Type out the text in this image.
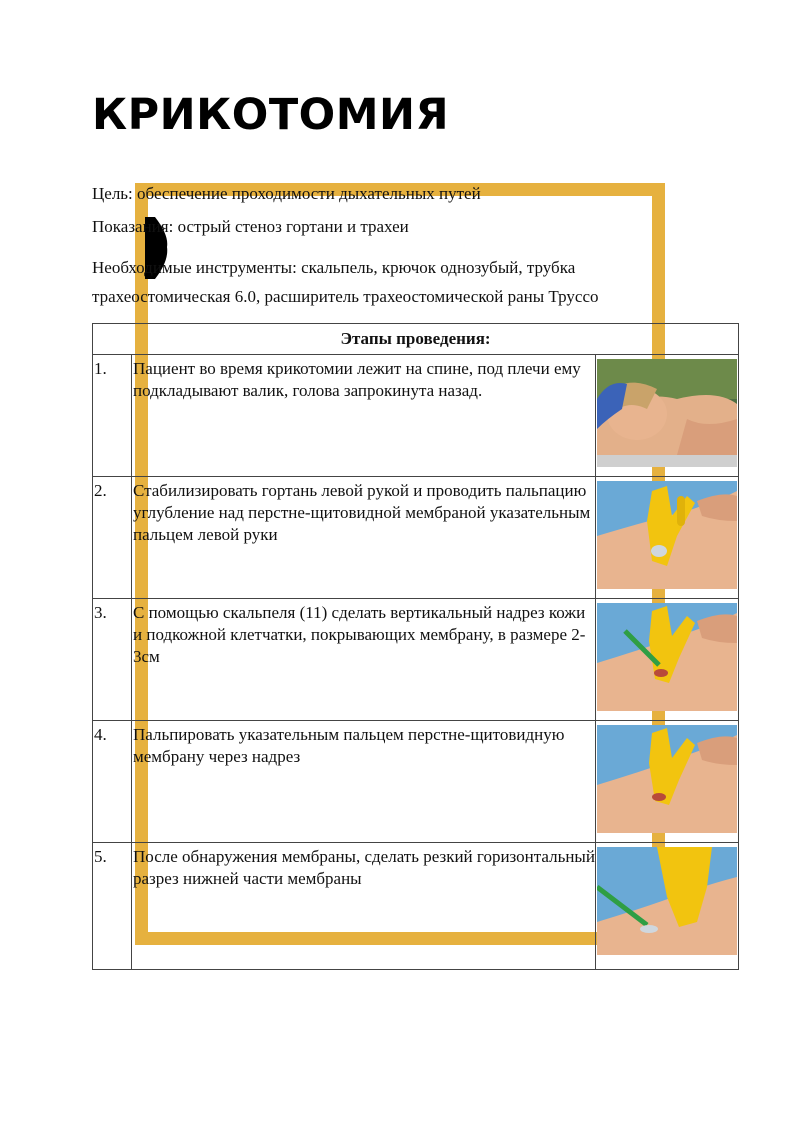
КРИКОТОМИЯ
Цель: обеспечение проходимости дыхательных путей
Показания: острый стеноз гортани и трахеи
Необходимые инструменты: скальпель, крючок однозубый, трубка трахеостомическая 6.0, расширитель трахеостомической раны Труссо
Этапы проведения:		

1.	Пациент во время крикотомии лежит на спине, под плечи ему подкладывают валик, голова запрокинута назад.

2.	Стабилизировать гортань левой рукой и проводить пальпацию углубление над перстне-щитовидной мембраной указательным пальцем левой руки

3.	С помощью скальпеля (11) сделать вертикальный надрез кожи и подкожной клетчатки, покрывающих мембрану, в размере 2-3см

4.	Пальпировать указательным пальцем перстне-щитовидную мембрану через надрез

5.	После обнаружения мембраны, сделать резкий горизонтальный разрез нижней части мембраны
